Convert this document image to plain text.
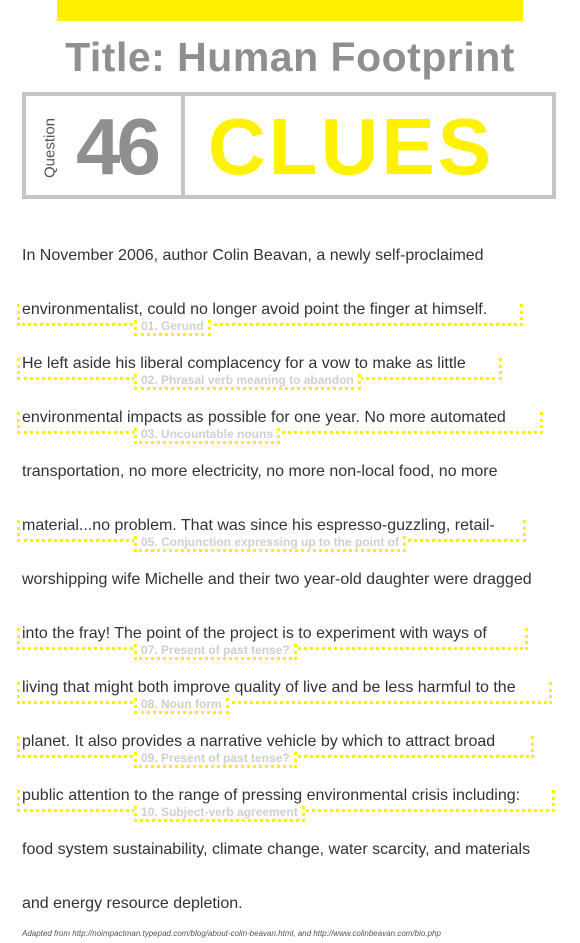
Title: Human Footprint
Question 46 CLUES
In November 2006, author Colin Beavan, a newly self-proclaimed
environmentalist, could no longer avoid point the finger at himself.
01. Gerund
He left aside his liberal complacency for a vow to make as little
02. Phrasal verb meaning to abandon
environmental impacts as possible for one year. No more automated
03. Uncountable nouns
transportation, no more electricity, no more non-local food, no more
material...no problem. That was since his espresso-guzzling, retail-
05. Conjunction expressing up to the point of
worshipping wife Michelle and their two year-old daughter were dragged
into the fray! The point of the project is to experiment with ways of
07. Present of past tense?
living that might both improve quality of live and be less harmful to the
08. Noun form
planet. It also provides a narrative vehicle by which to attract broad
09. Present of past tense?
public attention to the range of pressing environmental crisis including:
10. Subject-verb agreement
food system sustainability, climate change, water scarcity, and materials
and energy resource depletion.
Adapted from http://noimpactman.typepad.com/blog/about-colin-beavan.html, and http://www.colinbeavan.com/bio.php
